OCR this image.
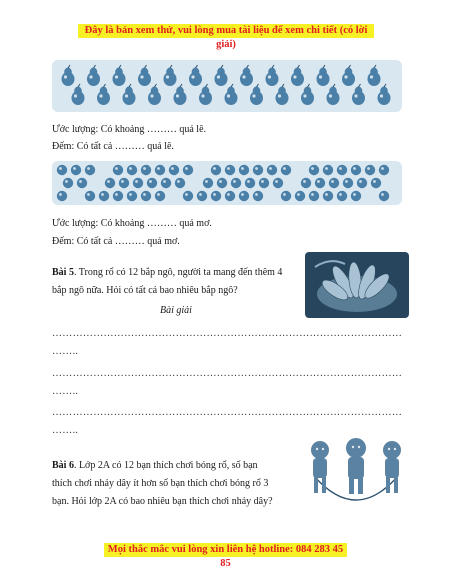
Đây là bản xem thử, vui lòng mua tài liệu để xem chi tiết (có lời giải)
Ước lượng: Có khoảng ……… quả lê.
Đếm: Có tất cả ……… quả lê.
Ước lượng: Có khoảng ……… quả mơ.
Đếm: Có tất cả ……… quả mơ.
Bài 5. Trong rổ có 12 bắp ngô, người ta mang đến thêm 4
bắp ngô nữa. Hỏi có tất cả bao nhiêu bắp ngô?
Bài giải
…………………………………………………………………………………………
……..
…………………………………………………………………………………………
……..
…………………………………………………………………………………………
……..
Bài 6. Lớp 2A có 12 bạn thích chơi bóng rổ, số bạn
thích chơi nhảy dây ít hơn số bạn thích chơi bóng rổ 3
bạn. Hỏi lớp 2A có bao nhiêu bạn thích chơi nhảy dây?
Mọi thắc mắc vui lòng xin liên hệ hotline: 084 283 45 85
